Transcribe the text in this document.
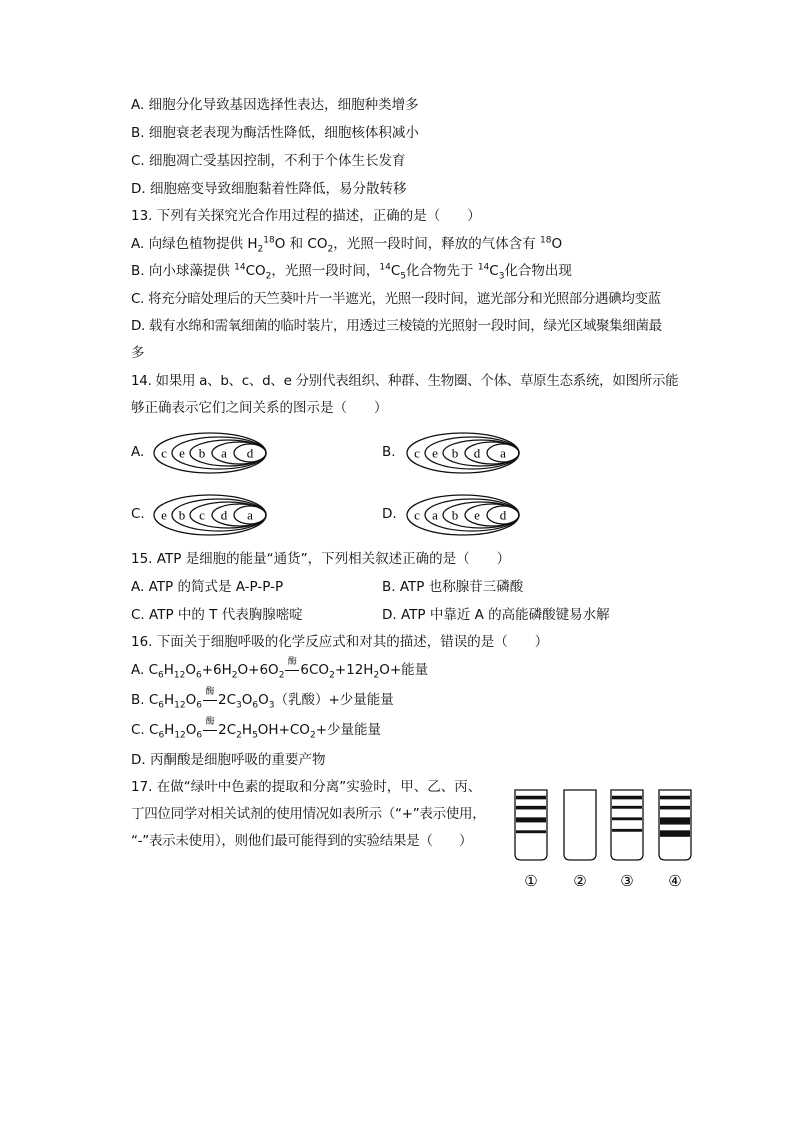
A. 细胞分化导致基因选择性表达，细胞种类增多
B. 细胞衰老表现为酶活性降低，细胞核体积减小
C. 细胞凋亡受基因控制，不利于个体生长发育
D. 细胞癌变导致细胞黏着性降低，易分散转移
13. 下列有关探究光合作用过程的描述，正确的是（　　）
A. 向绿色植物提供 $H_2^{18}O$ 和 $CO_2$，光照一段时间，释放的气体含有 $^{18}$O
B. 向小球藻提供 $^{14}CO_2$，光照一段时间，$^{14}C_5$化合物先于 $^{14}C_3$化合物出现
C. 将充分暗处理后的天竺葵叶片一半遮光，光照一段时间，遮光部分和光照部分遇碘均变蓝
D. 载有水绵和需氧细菌的临时装片，用透过三棱镜的光照射一段时间，绿光区域聚集细菌最
多
14. 如果用 a、b、c、d、e 分别代表组织、种群、生物圈、个体、草原生态系统，如图所示能
够正确表示它们之间关系的图示是（　　）
A. c e b a d	B. c e b d a
C. e b c d a	D. c a b e d
15. ATP 是细胞的能量“通货”，下列相关叙述正确的是（　　）
A. ATP 的简式是 A-P-P-P	B. ATP 也称腺苷三磷酸
C. ATP 中的 T 代表胸腺嘧啶	D. ATP 中靠近 A 的高能磷酸键易水解
16. 下面关于细胞呼吸的化学反应式和对其的描述，错误的是（　　）
A. $C_6H_{12}O_6+6H_2O+6O_2$
酶 $6CO_2+12H_2O+$能量
B. $C_6H_{12}O_6$
酶 $2C_3O_6O_3$（乳酸）+少量能量
C. $C_6H_{12}O_6$
酶 $2C_2H_5OH+CO_2+$少量能量
D. 丙酮酸是细胞呼吸的重要产物
17. 在做“绿叶中色素的提取和分离”实验时，甲、乙、丙、
丁四位同学对相关试剂的使用情况如表所示（“+”表示使用，
“-”表示未使用），则他们最可能得到的实验结果是（　　）
① ② ③ ④
